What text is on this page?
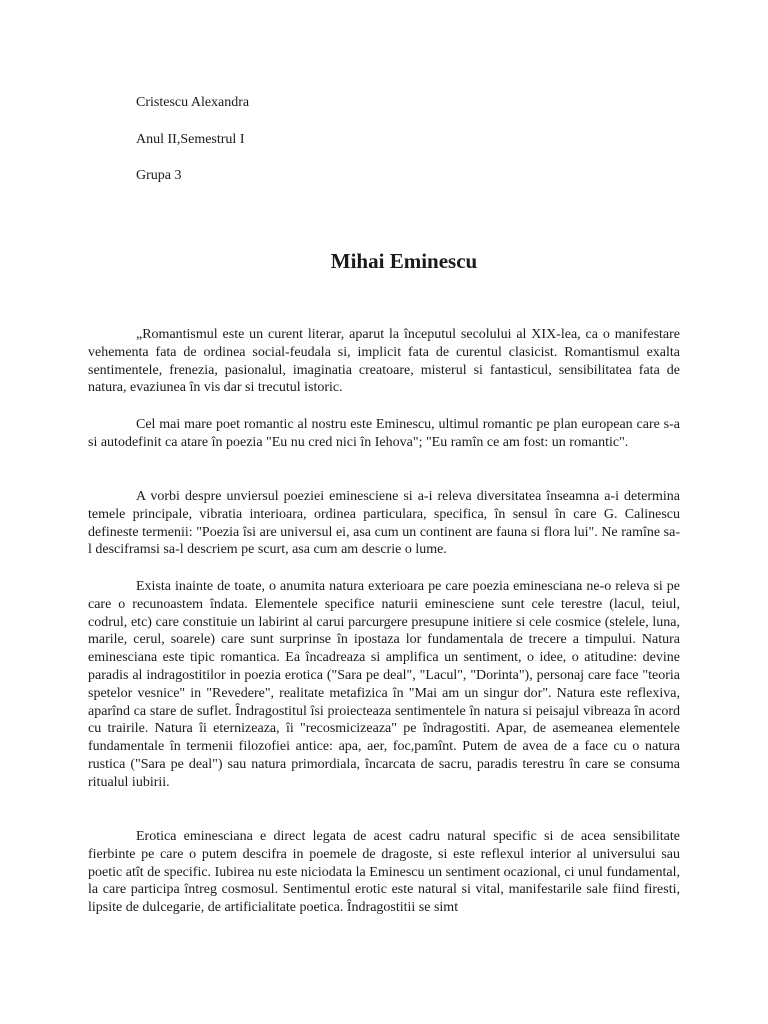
Cristescu Alexandra
Anul II,Semestrul I
Grupa 3
Mihai Eminescu

„Romantismul este un curent literar, aparut la începutul secolului al XIX-lea, ca o manifestare vehementa fata de ordinea social-feudala si, implicit fata de curentul clasicist. Romantismul exalta sentimentele, frenezia, pasionalul, imaginatia creatoare, misterul si fantasticul, sensibilitatea fata de natura, evaziunea în vis dar si trecutul istoric.

Cel mai mare poet romantic al nostru este Eminescu, ultimul romantic pe plan european care s-a si autodefinit ca atare în poezia "Eu nu cred nici în Iehova"; "Eu ramîn ce am fost: un romantic".

A vorbi despre unviersul poeziei eminesciene si a-i releva diversitatea înseamna a-i determina temele principale, vibratia interioara, ordinea particulara, specifica, în sensul în care G. Calinescu defineste termenii: "Poezia îsi are universul ei, asa cum un continent are fauna si flora lui". Ne ramîne sa-l desciframsi sa-l descriem pe scurt, asa cum am descrie o lume.

Exista inainte de toate, o anumita natura exterioara pe care poezia eminesciana ne-o releva si pe care o recunoastem îndata. Elementele specifice naturii eminesciene sunt cele terestre (lacul, teiul, codrul, etc) care constituie un labirint al carui parcurgere presupune initiere si cele cosmice (stelele, luna, marile, cerul, soarele) care sunt surprinse în ipostaza lor fundamentala de trecere a timpului. Natura eminesciana este tipic romantica. Ea încadreaza si amplifica un sentiment, o idee, o atitudine: devine paradis al indragostitilor in poezia erotica ("Sara pe deal", "Lacul", "Dorinta"), personaj care face "teoria spetelor vesnice" in "Revedere", realitate metafizica în "Mai am un singur dor". Natura este reflexiva, aparînd ca stare de suflet. Îndragostitul îsi proiecteaza sentimentele în natura si peisajul vibreaza în acord cu trairile. Natura îi eternizeaza, îi "recosmicizeaza" pe îndragostiti. Apar, de asemeanea elementele fundamentale în termenii filozofiei antice: apa, aer, foc,pamînt. Putem de avea de a face cu o natura rustica ("Sara pe deal") sau natura primordiala, încarcata de sacru, paradis terestru în care se consuma ritualul iubirii.

Erotica eminesciana e direct legata de acest cadru natural specific si de acea sensibilitate fierbinte pe care o putem descifra in poemele de dragoste, si este reflexul interior al universului sau poetic atît de specific. Iubirea nu este niciodata la Eminescu un sentiment ocazional, ci unul fundamental, la care participa întreg cosmosul. Sentimentul erotic este natural si vital, manifestarile sale fiind firesti, lipsite de dulcegarie, de artificialitate poetica. Îndragostitii se simt
